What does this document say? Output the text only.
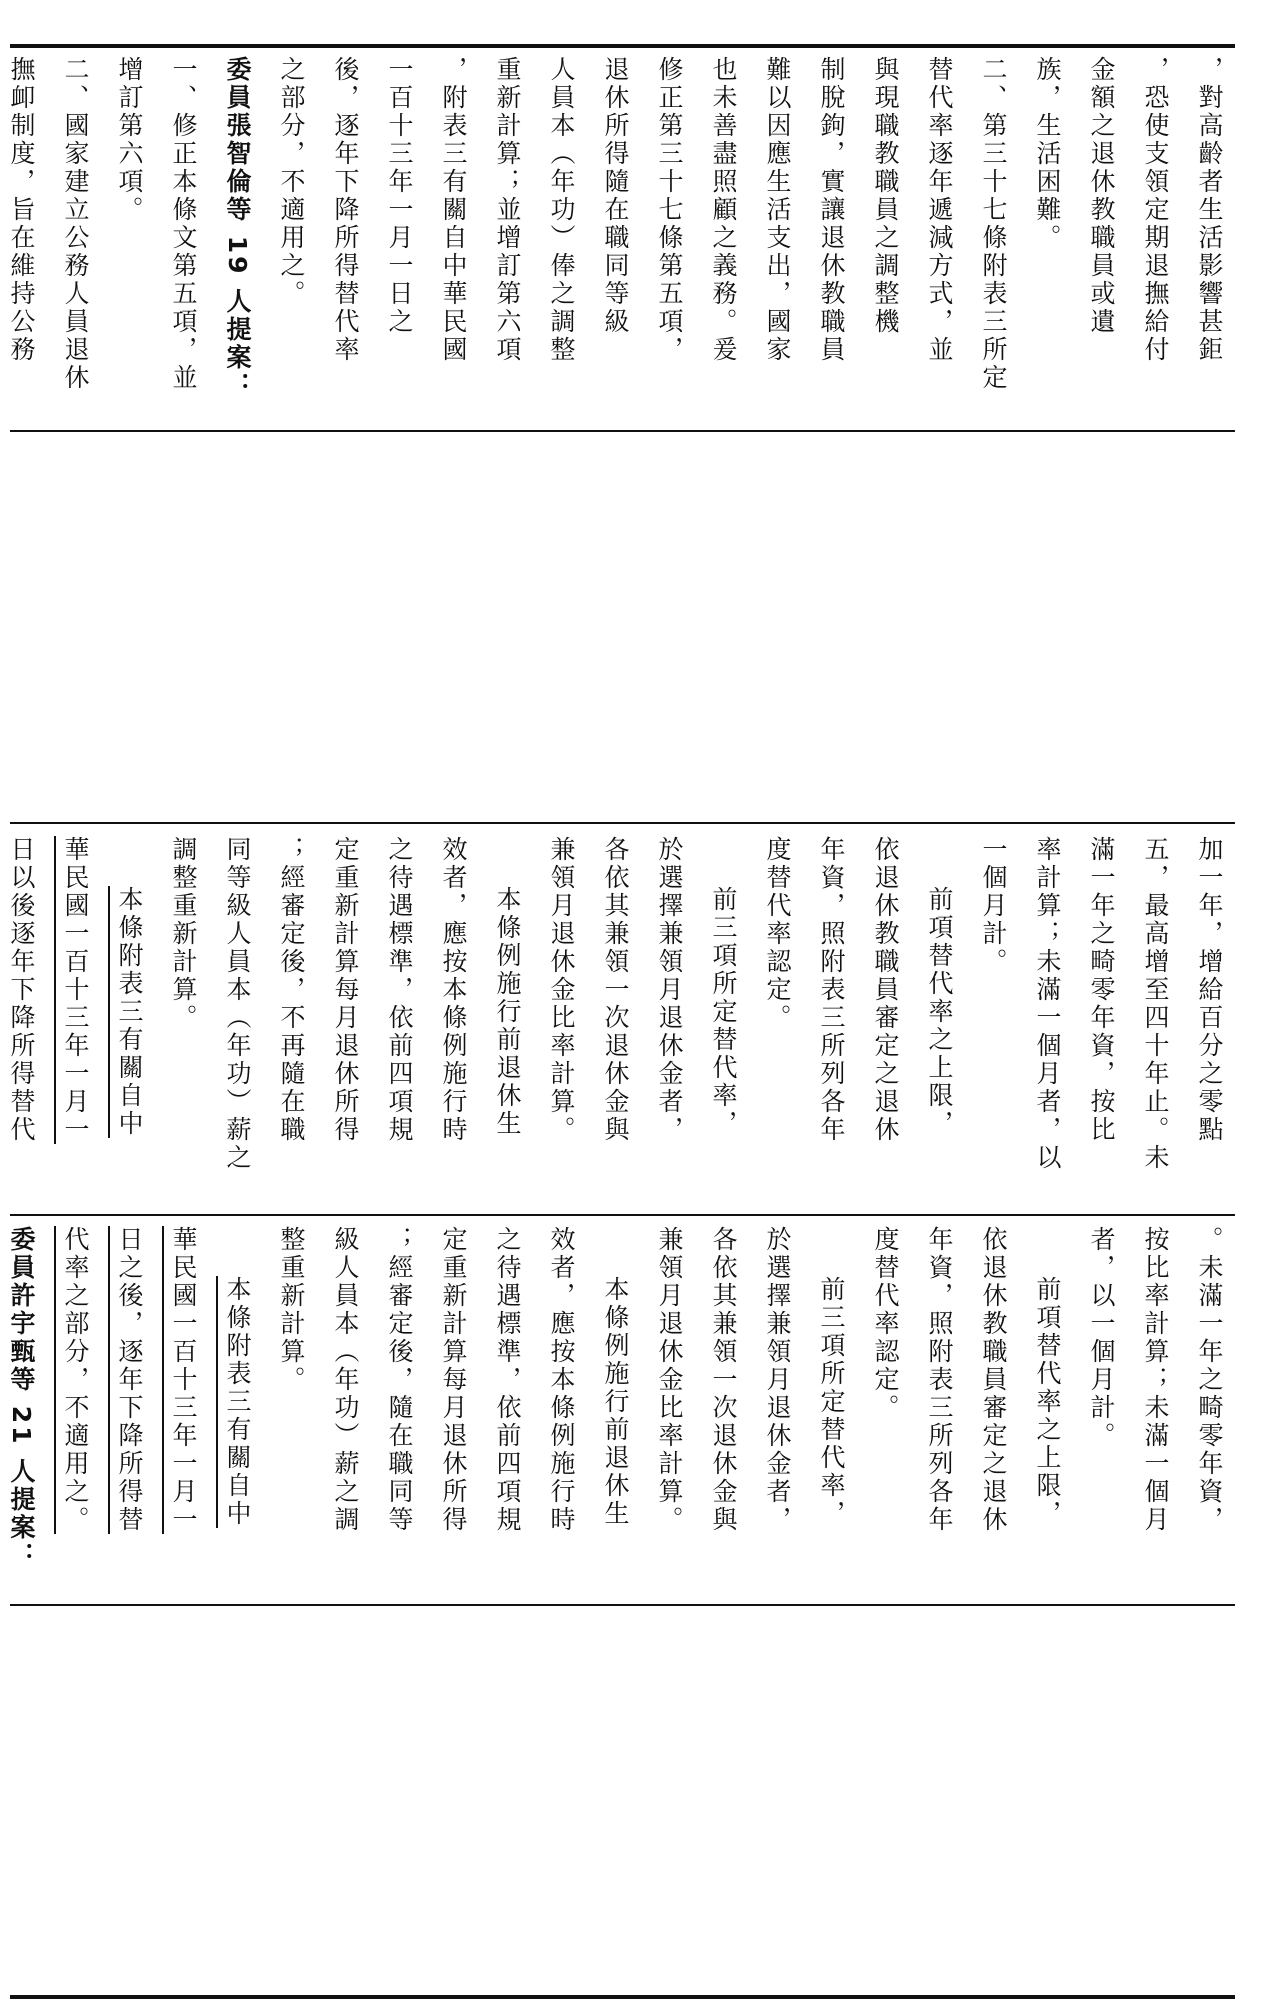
，對高齡者生活影響甚鉅
，恐使支領定期退撫給付
金額之退休教職員或遺
族，生活困難。
二、第三十七條附表三所定
替代率逐年遞減方式，並
與現職教職員之調整機
制脫鉤，實讓退休教職員
難以因應生活支出，國家
也未善盡照顧之義務。爰
修正第三十七條第五項，
退休所得隨在職同等級
人員本（年功）俸之調整
重新計算；並增訂第六項
，附表三有關自中華民國
一百十三年一月一日之
後，逐年下降所得替代率
之部分，不適用之。
委員張智倫等 19 人提案：
一、修正本條文第五項，並
增訂第六項。
二、國家建立公務人員退休
撫卹制度，旨在維持公務
加一年，增給百分之零點
五，最高增至四十年止。未
滿一年之畸零年資，按比
率計算；未滿一個月者，以
一個月計。
前項替代率之上限，
依退休教職員審定之退休
年資，照附表三所列各年
度替代率認定。
前三項所定替代率，
於選擇兼領月退休金者，
各依其兼領一次退休金與
兼領月退休金比率計算。
本條例施行前退休生
效者，應按本條例施行時
之待遇標準，依前四項規
定重新計算每月退休所得
；經審定後，不再隨在職
同等級人員本（年功）薪之
調整重新計算。
本條附表三有關自中
華民國一百十三年一月一
日以後逐年下降所得替代
。未滿一年之畸零年資，
按比率計算；未滿一個月
者，以一個月計。
前項替代率之上限，
依退休教職員審定之退休
年資，照附表三所列各年
度替代率認定。
前三項所定替代率，
於選擇兼領月退休金者，
各依其兼領一次退休金與
兼領月退休金比率計算。
本條例施行前退休生
效者，應按本條例施行時
之待遇標準，依前四項規
定重新計算每月退休所得
；經審定後，隨在職同等
級人員本（年功）薪之調
整重新計算。
本條附表三有關自中
華民國一百十三年一月一
日之後，逐年下降所得替
代率之部分，不適用之。
委員許宇甄等 21 人提案：
